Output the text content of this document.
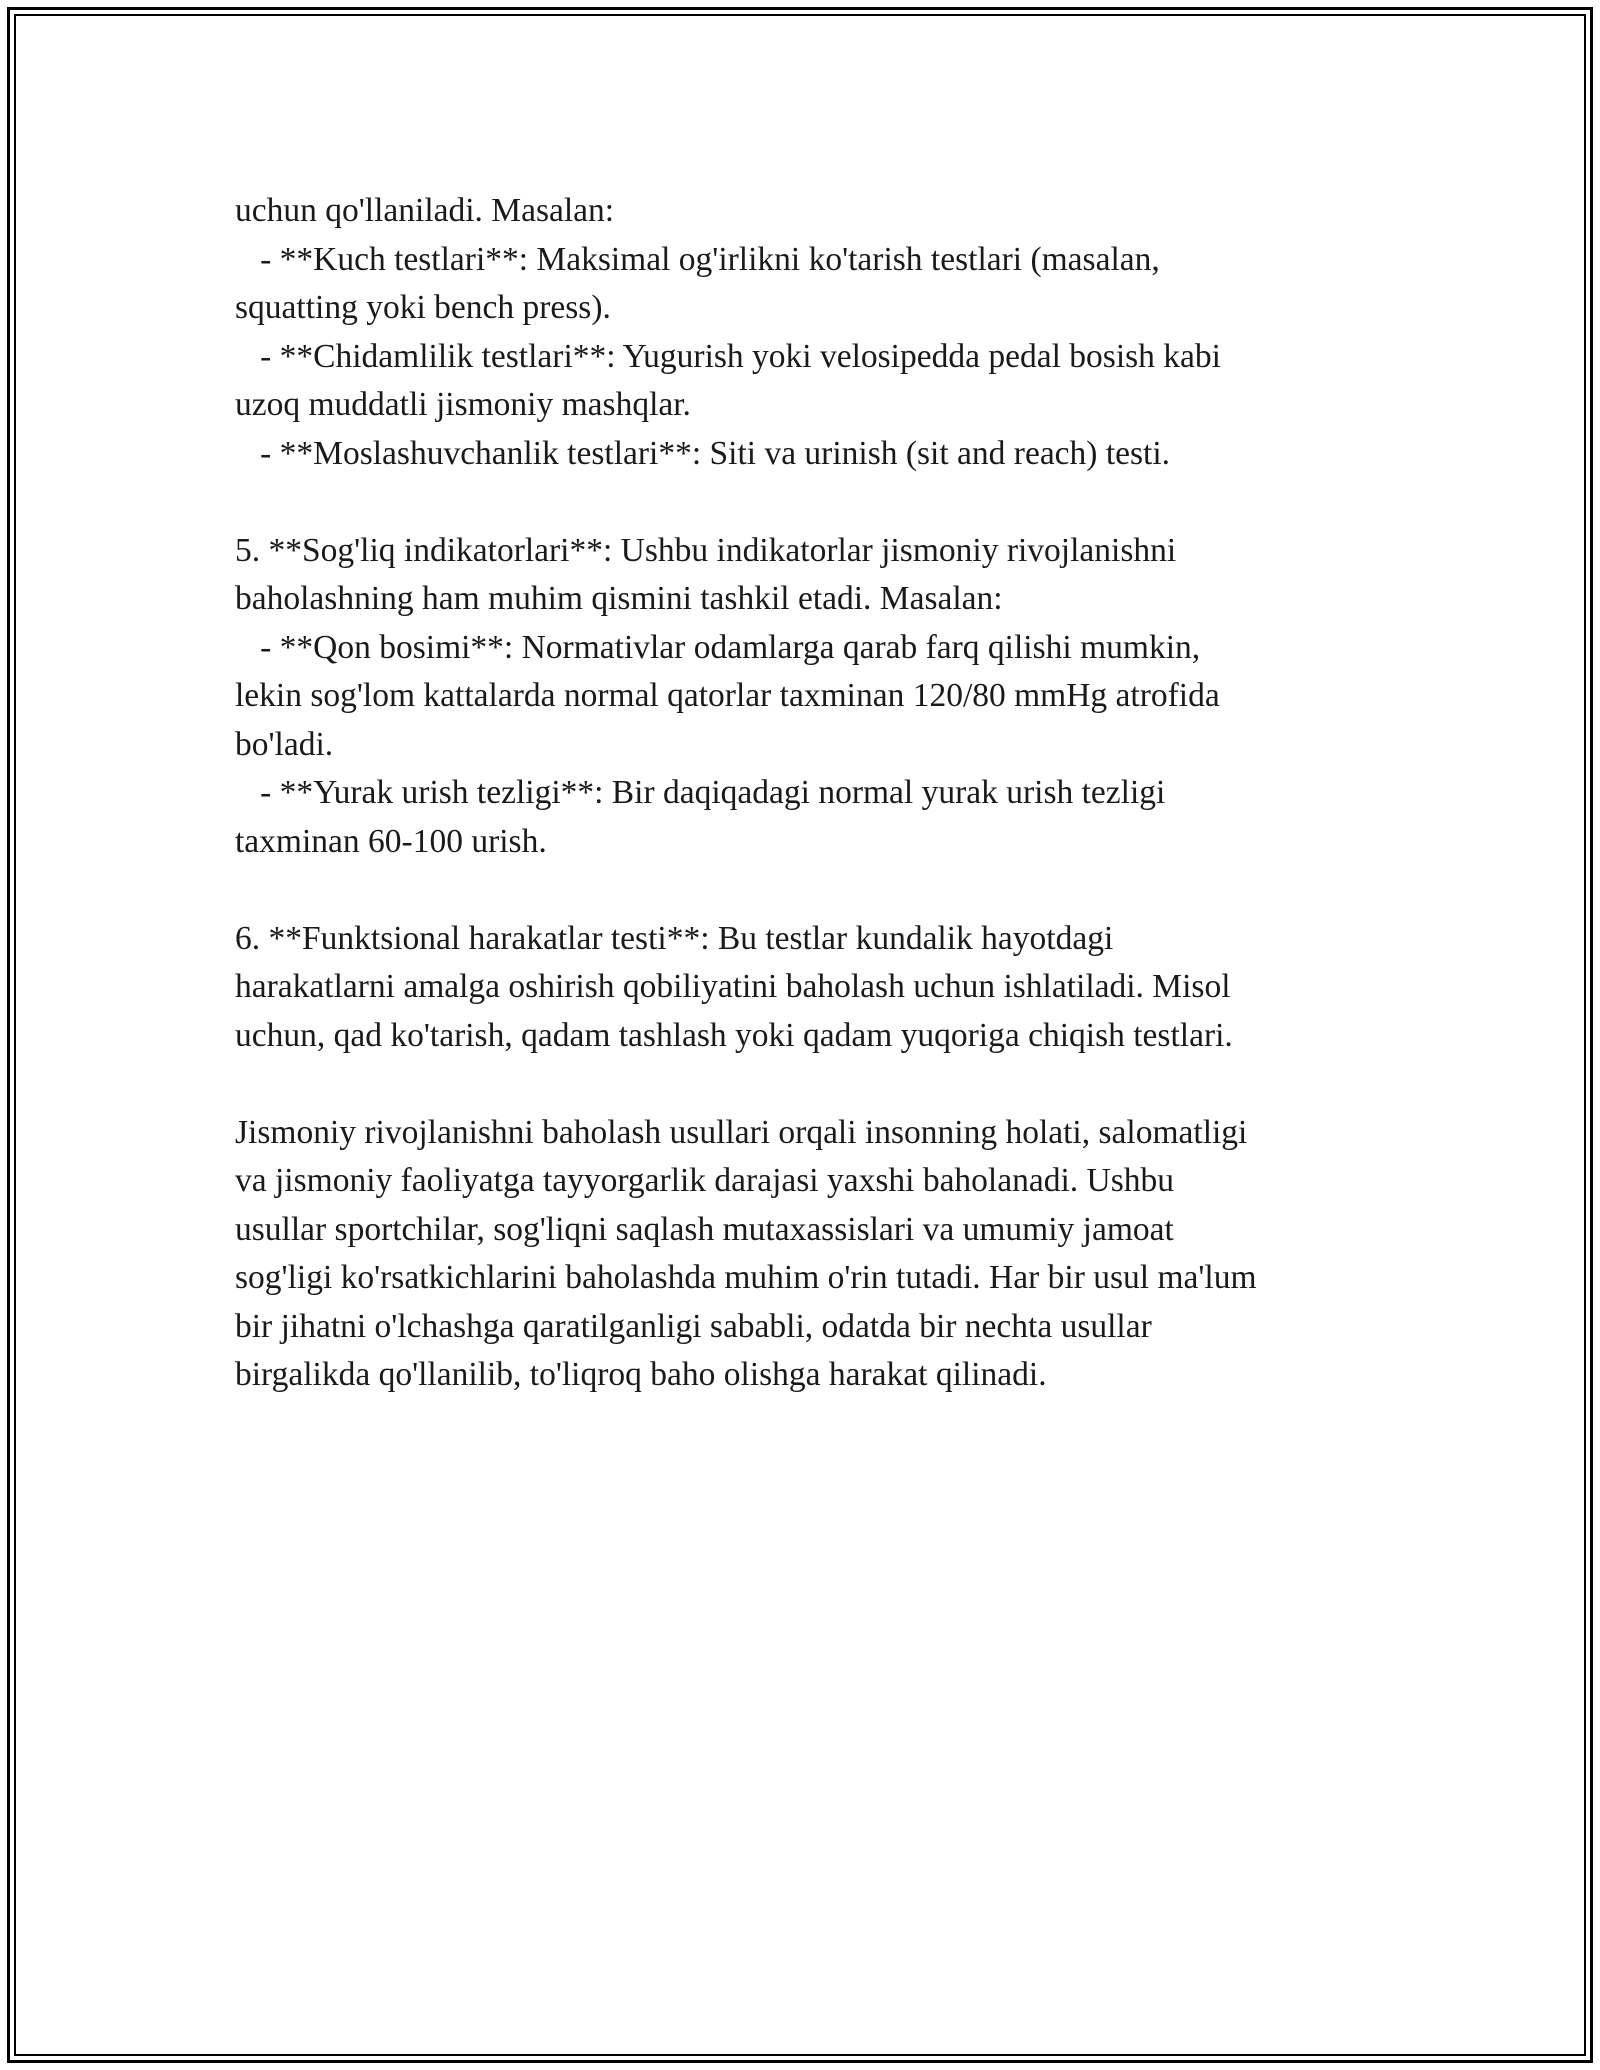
uchun qo'llaniladi. Masalan:
- **Kuch testlari**: Maksimal og'irlikni ko'tarish testlari (masalan,
squatting yoki bench press).
- **Chidamlilik testlari**: Yugurish yoki velosipedda pedal bosish kabi
uzoq muddatli jismoniy mashqlar.
- **Moslashuvchanlik testlari**: Siti va urinish (sit and reach) testi.
5. **Sog'liq indikatorlari**: Ushbu indikatorlar jismoniy rivojlanishni
baholashning ham muhim qismini tashkil etadi. Masalan:
- **Qon bosimi**: Normativlar odamlarga qarab farq qilishi mumkin,
lekin sog'lom kattalarda normal qatorlar taxminan 120/80 mmHg atrofida
bo'ladi.
- **Yurak urish tezligi**: Bir daqiqadagi normal yurak urish tezligi
taxminan 60-100 urish.
6. **Funktsional harakatlar testi**: Bu testlar kundalik hayotdagi
harakatlarni amalga oshirish qobiliyatini baholash uchun ishlatiladi. Misol
uchun, qad ko'tarish, qadam tashlash yoki qadam yuqoriga chiqish testlari.
Jismoniy rivojlanishni baholash usullari orqali insonning holati, salomatligi
va jismoniy faoliyatga tayyorgarlik darajasi yaxshi baholanadi. Ushbu
usullar sportchilar, sog'liqni saqlash mutaxassislari va umumiy jamoat
sog'ligi ko'rsatkichlarini baholashda muhim o'rin tutadi. Har bir usul ma'lum
bir jihatni o'lchashga qaratilganligi sababli, odatda bir nechta usullar
birgalikda qo'llanilib, to'liqroq baho olishga harakat qilinadi.
